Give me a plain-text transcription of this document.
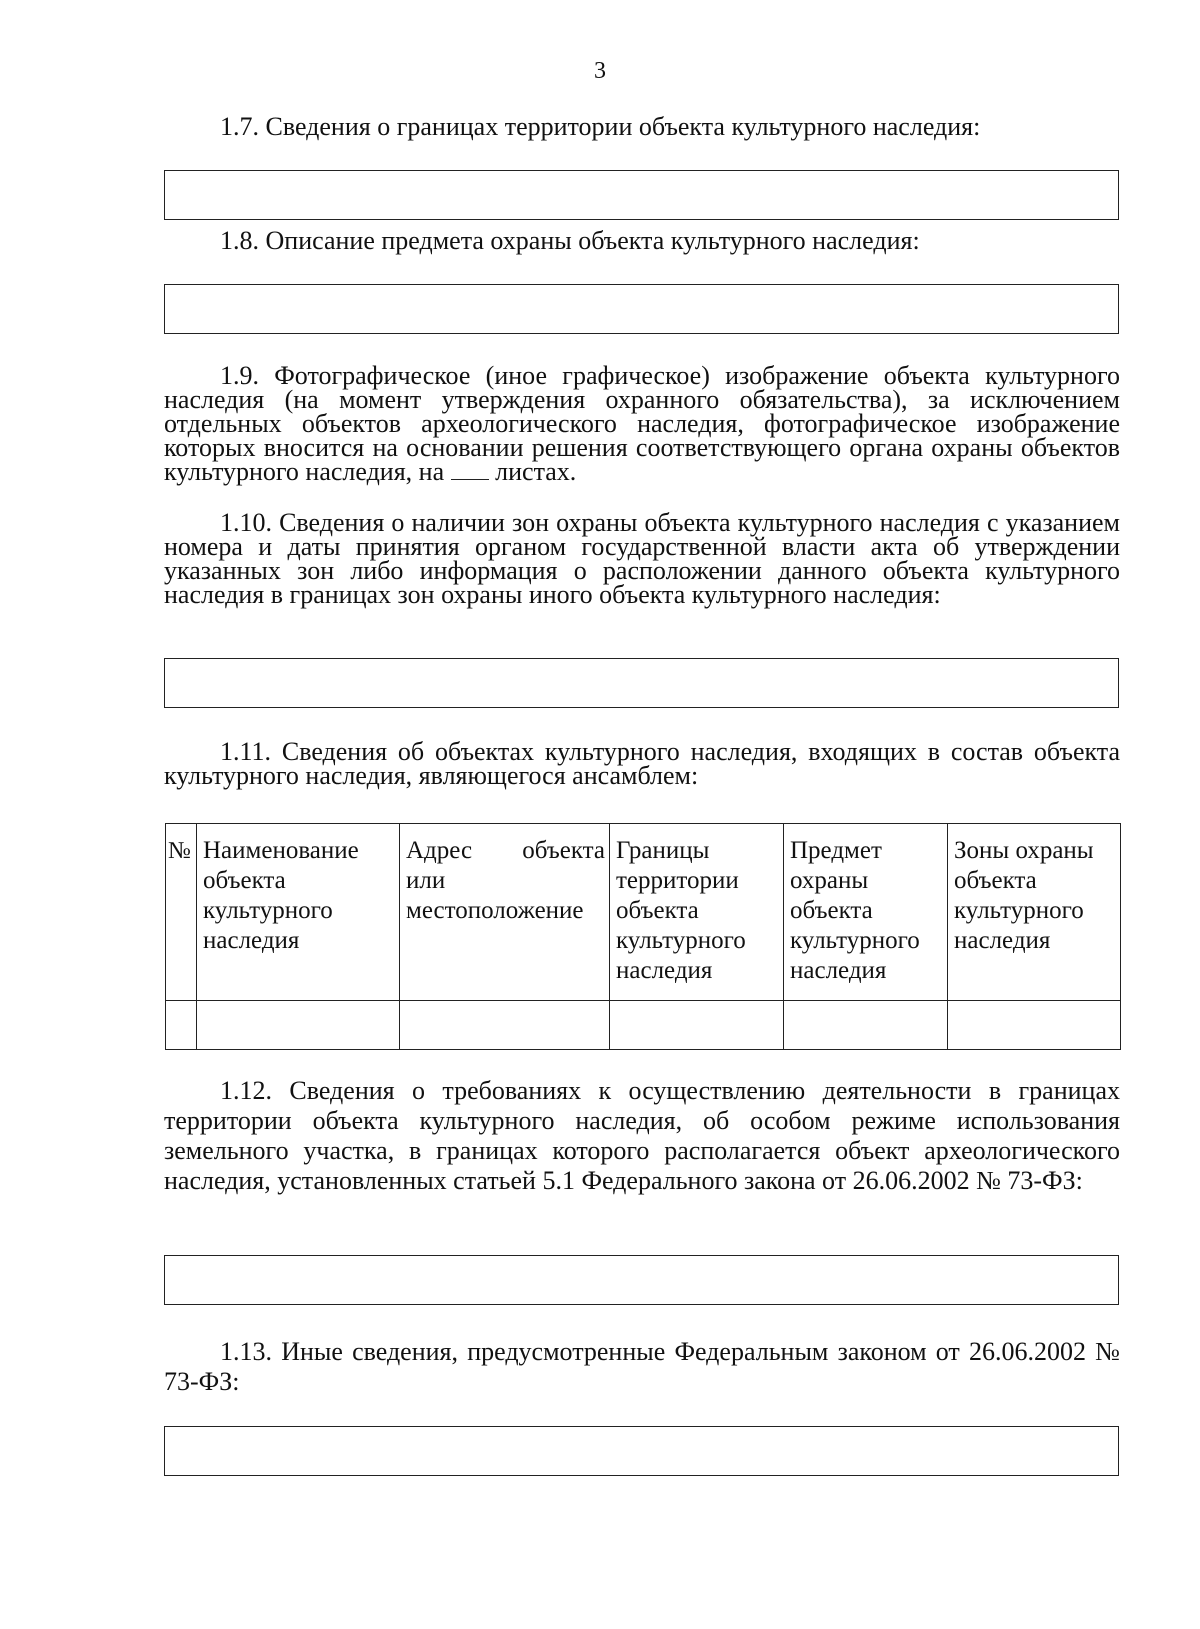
3
1.7. Сведения о границах территории объекта культурного наследия:
1.8. Описание предмета охраны объекта культурного наследия:
1.9. Фотографическое (иное графическое) изображение объекта культурного наследия (на момент утверждения охранного обязательства), за исключением отдельных объектов археологического наследия, фотографическое изображение которых вносится на основании решения соответствующего органа охраны объектов культурного наследия, на  листах.
1.10. Сведения о наличии зон охраны объекта культурного наследия с указанием номера и даты принятия органом государственной власти акта об утверждении указанных зон либо информация о расположении данного объекта культурного наследия в границах зон охраны иного объекта культурного наследия:
1.11. Сведения об объектах культурного наследия, входящих в состав объекта культурного наследия, являющегося ансамблем:
№	Наименование объекта культурного наследия	Адрес объекта или местоположение	Границы территории объекта культурного наследия	Предмет охраны объекта культурного наследия	Зоны охраны объекта культурного наследия

1.12. Сведения о требованиях к осуществлению деятельности в границах территории объекта культурного наследия, об особом режиме использования земельного участка, в границах которого располагается объект археологического наследия, установленных статьей 5.1 Федерального закона от 26.06.2002 № 73-ФЗ:
1.13. Иные сведения, предусмотренные Федеральным законом от 26.06.2002 № 73-ФЗ:
